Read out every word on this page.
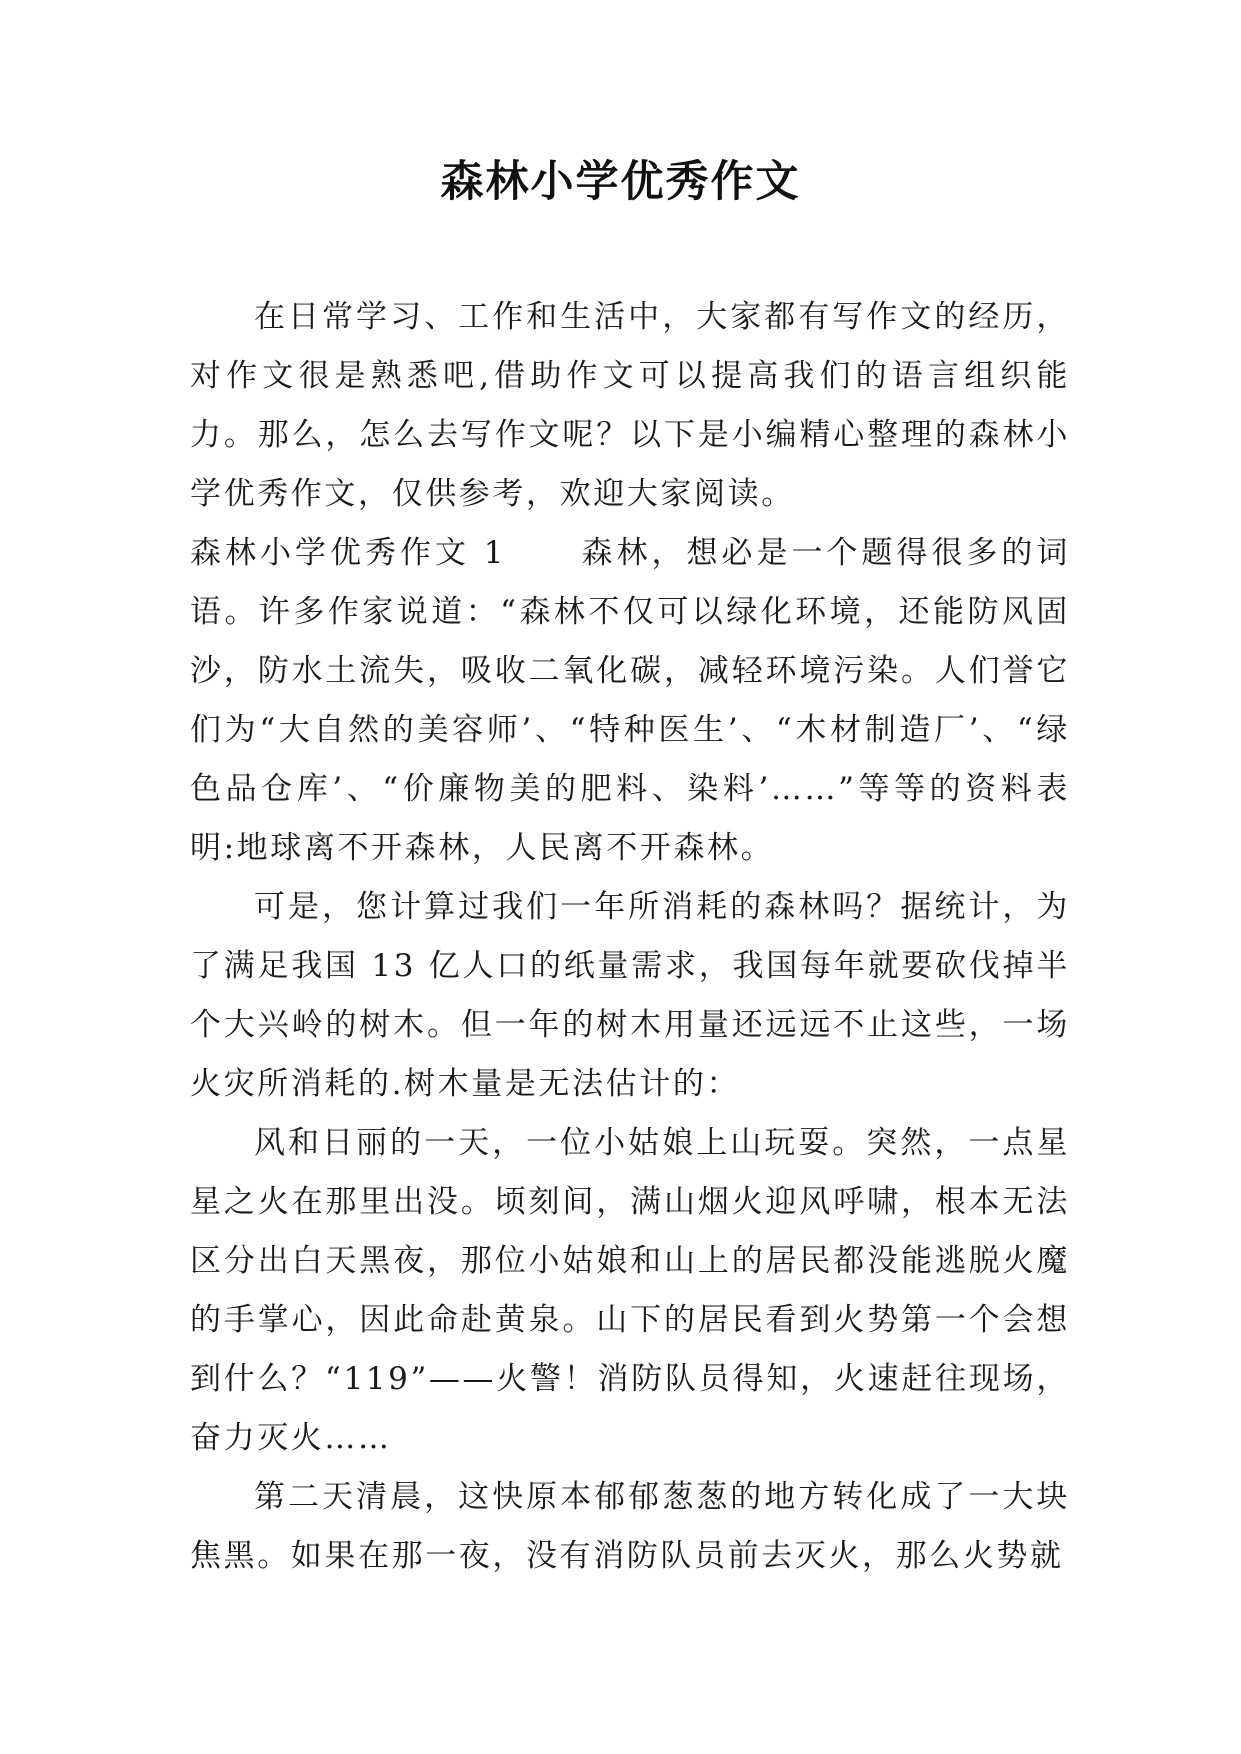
森林小学优秀作文

在日常学习、工作和生活中，大家都有写作文的经历，对作文很是熟悉吧,借助作文可以提高我们的语言组织能力。那么，怎么去写作文呢？以下是小编精心整理的森林小学优秀作文，仅供参考，欢迎大家阅读。

森林小学优秀作文 1 森林，想必是一个题得很多的词语。许多作家说道：“森林不仅可以绿化环境，还能防风固沙，防水土流失，吸收二氧化碳，减轻环境污染。人们誉它们为“大自然的美容师’、“特种医生’、“木材制造厂’、“绿色品仓库’、“价廉物美的肥料、染料’……”等等的资料表明:地球离不开森林，人民离不开森林。

可是，您计算过我们一年所消耗的森林吗？据统计，为了满足我国 13 亿人口的纸量需求，我国每年就要砍伐掉半个大兴岭的树木。但一年的树木用量还远远不止这些，一场火灾所消耗的.树木量是无法估计的：

风和日丽的一天，一位小姑娘上山玩耍。突然，一点星星之火在那里出没。顷刻间，满山烟火迎风呼啸，根本无法区分出白天黑夜，那位小姑娘和山上的居民都没能逃脱火魔的手掌心，因此命赴黄泉。山下的居民看到火势第一个会想到什么？“119”——火警！消防队员得知，火速赶往现场，奋力灭火……

第二天清晨，这快原本郁郁葱葱的地方转化成了一大块焦黑。如果在那一夜，没有消防队员前去灭火，那么火势就
